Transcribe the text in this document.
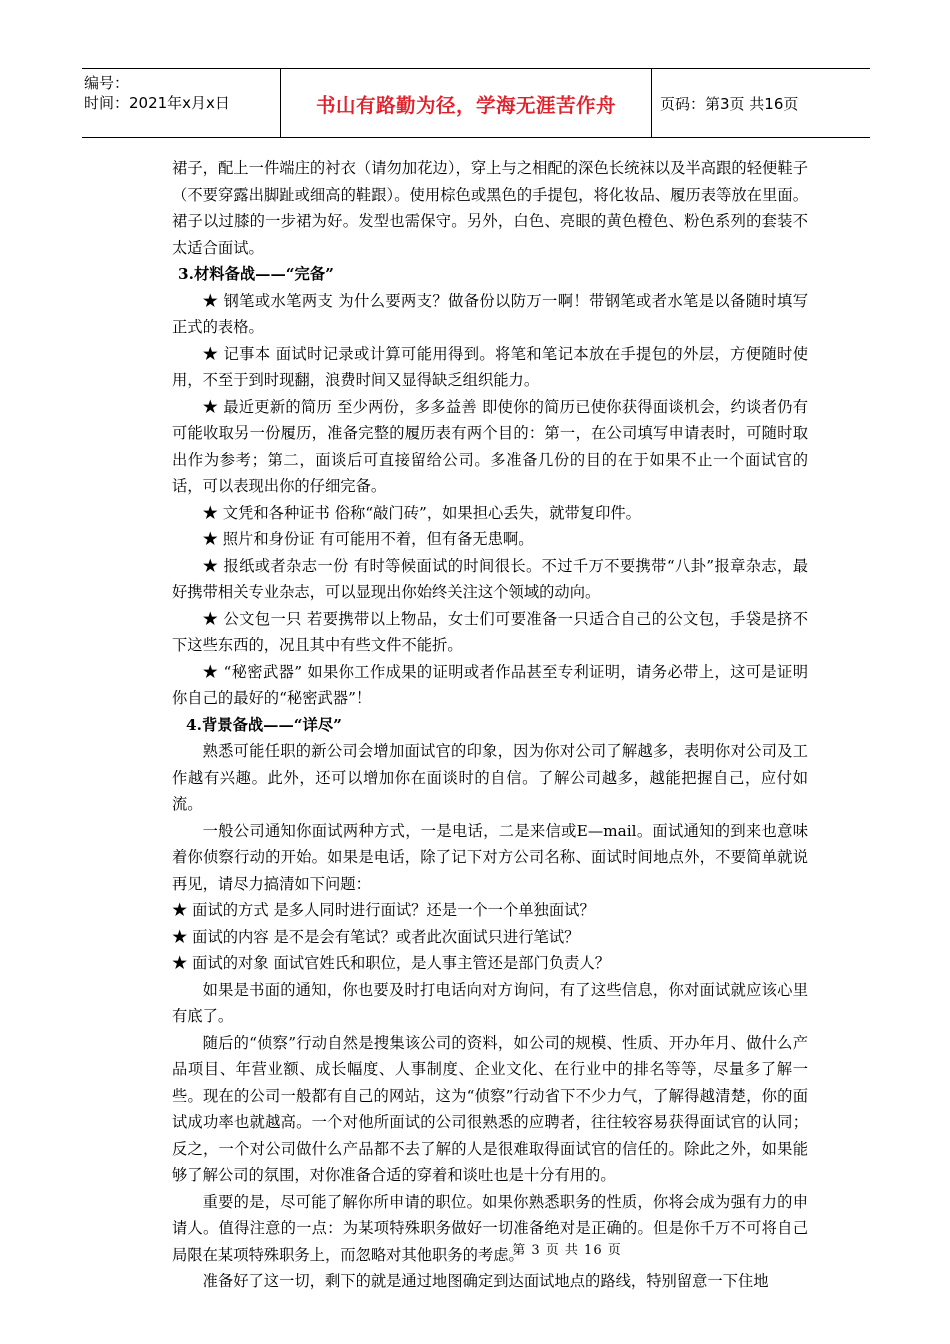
编号：
时间：2021年x月x日	书山有路勤为径，学海无涯苦作舟	页码：第3页 共16页

裙子，配上一件端庄的衬衣（请勿加花边），穿上与之相配的深色长统袜以及半高跟的轻便鞋子（不要穿露出脚趾或细高的鞋跟）。使用棕色或黑色的手提包，将化妆品、履历表等放在里面。裙子以过膝的一步裙为好。发型也需保守。另外，白色、亮眼的黄色橙色、粉色系列的套装不太适合面试。

3.材料备战——“完备”

★ 钢笔或水笔两支 为什么要两支？做备份以防万一啊！带钢笔或者水笔是以备随时填写正式的表格。

★ 记事本 面试时记录或计算可能用得到。将笔和笔记本放在手提包的外层，方便随时使用，不至于到时现翻，浪费时间又显得缺乏组织能力。

★ 最近更新的简历 至少两份，多多益善 即使你的简历已使你获得面谈机会，约谈者仍有可能收取另一份履历，准备完整的履历表有两个目的：第一，在公司填写申请表时，可随时取出作为参考；第二，面谈后可直接留给公司。多准备几份的目的在于如果不止一个面试官的话，可以表现出你的仔细完备。

★ 文凭和各种证书 俗称“敲门砖”，如果担心丢失，就带复印件。

★ 照片和身份证 有可能用不着，但有备无患啊。

★ 报纸或者杂志一份 有时等候面试的时间很长。不过千万不要携带“八卦”报章杂志，最好携带相关专业杂志，可以显现出你始终关注这个领域的动向。

★ 公文包一只 若要携带以上物品，女士们可要准备一只适合自己的公文包，手袋是挤不下这些东西的，况且其中有些文件不能折。

★ “秘密武器” 如果你工作成果的证明或者作品甚至专利证明，请务必带上，这可是证明你自己的最好的“秘密武器”！

4.背景备战——“详尽”

熟悉可能任职的新公司会增加面试官的印象，因为你对公司了解越多，表明你对公司及工作越有兴趣。此外，还可以增加你在面谈时的自信。了解公司越多，越能把握自己，应付如流。

一般公司通知你面试两种方式，一是电话，二是来信或E—mail。面试通知的到来也意味着你侦察行动的开始。如果是电话，除了记下对方公司名称、面试时间地点外，不要简单就说再见，请尽力搞清如下问题：

★ 面试的方式 是多人同时进行面试？还是一个一个单独面试？

★ 面试的内容 是不是会有笔试？或者此次面试只进行笔试？

★ 面试的对象 面试官姓氏和职位，是人事主管还是部门负责人？

如果是书面的通知，你也要及时打电话向对方询问，有了这些信息，你对面试就应该心里有底了。

随后的“侦察”行动自然是搜集该公司的资料，如公司的规模、性质、开办年月、做什么产品项目、年营业额、成长幅度、人事制度、企业文化、在行业中的排名等等，尽量多了解一些。现在的公司一般都有自己的网站，这为“侦察”行动省下不少力气，了解得越清楚，你的面试成功率也就越高。一个对他所面试的公司很熟悉的应聘者，往往较容易获得面试官的认同；反之，一个对公司做什么产品都不去了解的人是很难取得面试官的信任的。除此之外，如果能够了解公司的氛围，对你准备合适的穿着和谈吐也是十分有用的。

重要的是，尽可能了解你所申请的职位。如果你熟悉职务的性质，你将会成为强有力的申请人。值得注意的一点：为某项特殊职务做好一切准备绝对是正确的。但是你千万不可将自己局限在某项特殊职务上，而忽略对其他职务的考虑。

准备好了这一切，剩下的就是通过地图确定到达面试地点的路线，特别留意一下住地

第 3 页 共 16 页
